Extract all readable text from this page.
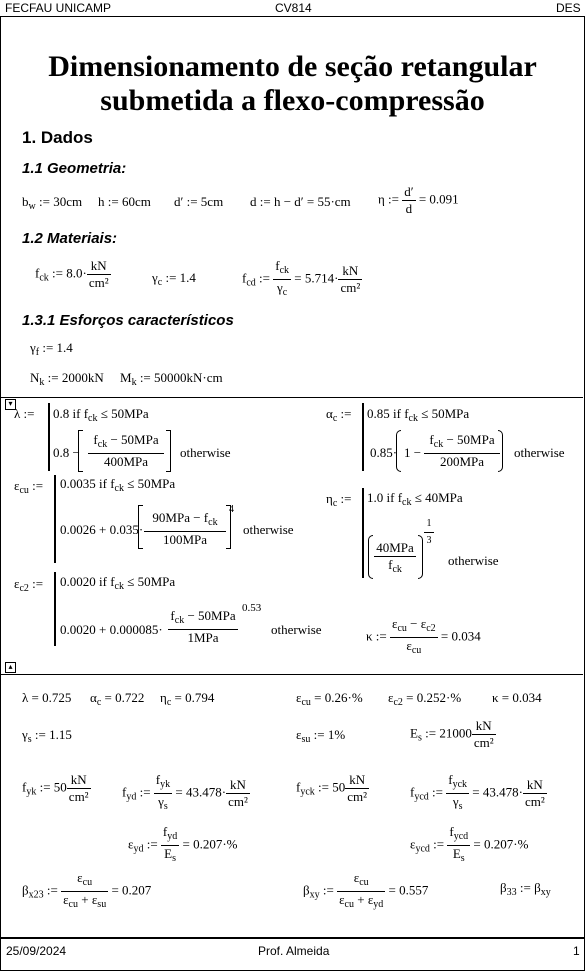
FECFAU UNICAMP	CV814	DES
Dimensionamento de seção retangular
submetida a flexo-compressão
1. Dados
1.1 Geometria:
$b_w$ := 30cm h := 60cm d′ := 5cm d := h − d′ = 55·cm η := $\frac{d'}{d} = 0.091$
1.2 Materiais:
$f_{ck}$ := $8.0\cdot \frac{kN}{\text{cm²}}$	$\gamma_c$ := 1.4	$f_{cd}$ := $\frac{f_{ck}}{\gamma_c} = 5.714\cdot \frac{kN}{\text{cm²}}$
1.3.1 Esforços característicos
$\gamma_f$ := 1.4
$N_k$ := 2000kN $M_k$ := 50000kN·cm
▾
λ := 0.8 if $f_{ck} \le 50MPa$
$0.8 - \frac{f_{ck} - 50MPa}{\text{400MPa}}$ otherwise
$\alpha_c$ := 0.85 if $f_{ck} \le 50MPa$
$0.85\cdot 1 - \frac{f_{ck} - 50MPa}{\text{200MPa}}$ otherwise
$\varepsilon_{cu}$ := 0.0035 if $f_{ck} \le 50MPa$
$0.0026 + 0.035\cdot \frac{90MPa - f_{ck}}{\text{100MPa}}$
4
otherwise
$\eta_c$ := 1.0 if $f_{ck} \le 40MPa$
$\frac{\text{40MPa}}{f_{ck}}$
$\frac{1}{3}$
otherwise
$\varepsilon_{c2}$ := 0.0020 if $f_{ck} \le 50MPa$
$0.0020 + 0.000085\cdot \frac{f_{ck} - 50MPa}{\text{1MPa}} 0.53$
otherwise	κ := $\frac{\varepsilon_{cu} - \varepsilon_{c2}}{\varepsilon_{cu}} = 0.034$
▴
λ = 0.725 $\alpha_c = 0.722$ $\eta_c = 0.794$	$\varepsilon_{cu} = 0.26\cdot\%$ $\varepsilon_{c2} = 0.252\cdot\%$ κ = 0.034
$\gamma_s$ := 1.15	$\varepsilon_{su}$ := 1%	$E_s$ := $21000 \frac{kN}{\text{cm²}}$
$f_{yk}$ := $50 \frac{kN}{\text{cm²}} f_{yd}$ := $\frac{f_{yk}}{\gamma_s} = 43.478\cdot \frac{kN}{\text{cm²}}$	$f_{yck}$ := $50 \frac{kN}{\text{cm²}}$	$f_{ycd}$ := $\frac{f_{yck}}{\gamma_s} = 43.478\cdot \frac{kN}{\text{cm²}}$
$\varepsilon_{yd}$ := $\frac{f_{yd}}{E_s} = 0.207\cdot\%$	$\varepsilon_{ycd}$ := $\frac{f_{ycd}}{E_s} = 0.207\cdot\%$
$\beta_{x23}$ := $\frac{\varepsilon_{cu}}{\varepsilon_{cu} + \varepsilon_{su}} = 0.207$	$\beta_{xy}$ := $\frac{\varepsilon_{cu}}{\varepsilon_{cu} + \varepsilon_{yd}} = 0.557$	$\beta_{33}$ := $\beta_{xy}$
25/09/2024	Prof. Almeida	1
